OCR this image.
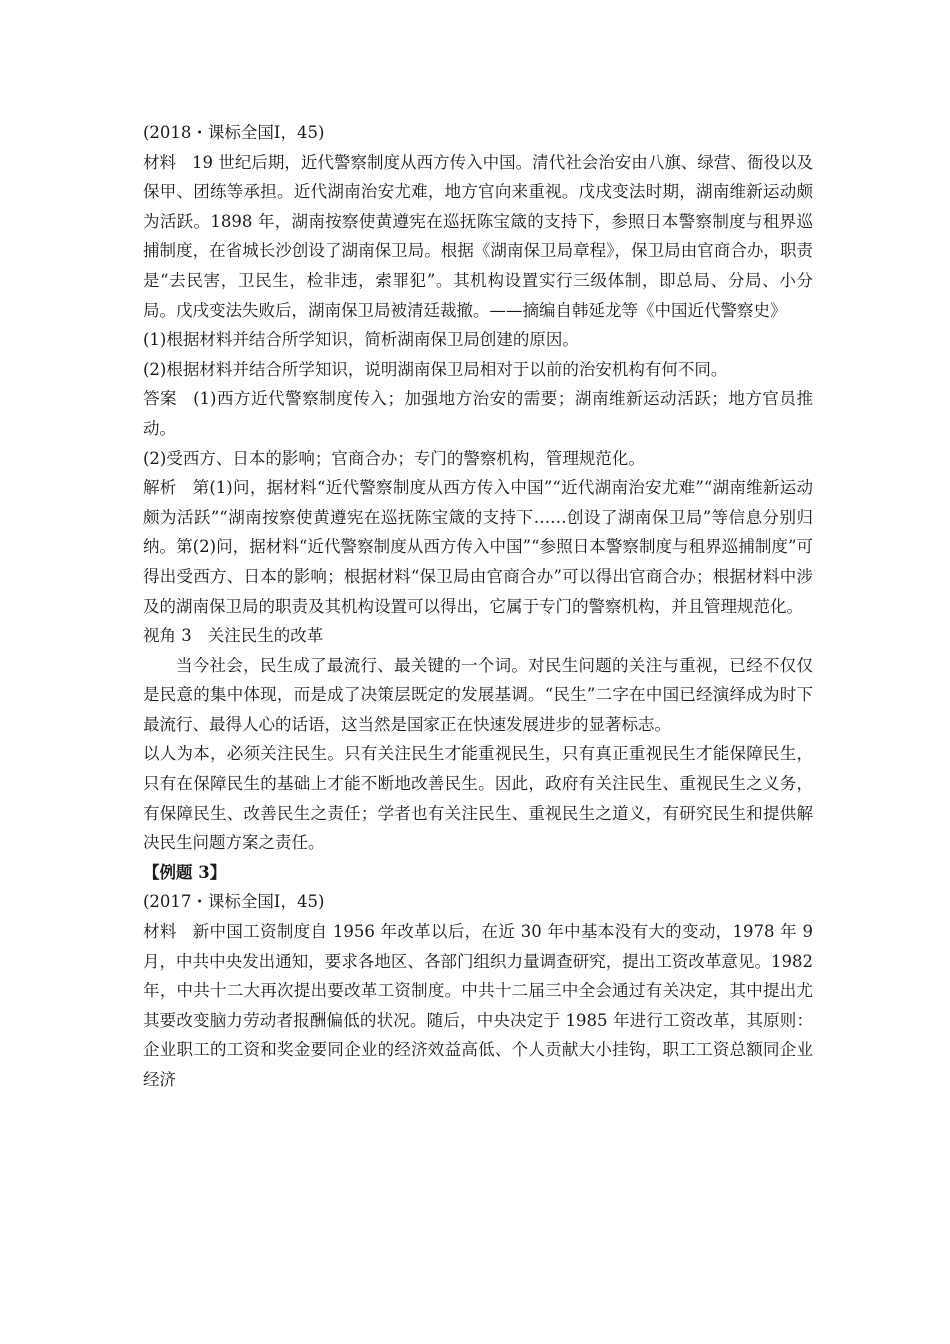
(2018・课标全国Ⅰ，45)

材料 19 世纪后期，近代警察制度从西方传入中国。清代社会治安由八旗、绿营、衙役以及保甲、团练等承担。近代湖南治安尤难，地方官向来重视。戊戌变法时期，湖南维新运动颇为活跃。1898 年，湖南按察使黄遵宪在巡抚陈宝箴的支持下，参照日本警察制度与租界巡捕制度，在省城长沙创设了湖南保卫局。根据《湖南保卫局章程》，保卫局由官商合办，职责是“去民害，卫民生，检非违，索罪犯”。其机构设置实行三级体制，即总局、分局、小分局。戊戌变法失败后，湖南保卫局被清廷裁撤。——摘编自韩延龙等《中国近代警察史》

(1)根据材料并结合所学知识，简析湖南保卫局创建的原因。

(2)根据材料并结合所学知识，说明湖南保卫局相对于以前的治安机构有何不同。

答案 (1)西方近代警察制度传入；加强地方治安的需要；湖南维新运动活跃；地方官员推动。

(2)受西方、日本的影响；官商合办；专门的警察机构，管理规范化。

解析 第(1)问，据材料“近代警察制度从西方传入中国”“近代湖南治安尤难”“湖南维新运动颇为活跃”“湖南按察使黄遵宪在巡抚陈宝箴的支持下……创设了湖南保卫局”等信息分别归纳。第(2)问，据材料“近代警察制度从西方传入中国”“参照日本警察制度与租界巡捕制度”可得出受西方、日本的影响；根据材料“保卫局由官商合办”可以得出官商合办；根据材料中涉及的湖南保卫局的职责及其机构设置可以得出，它属于专门的警察机构，并且管理规范化。

视角 3 关注民生的改革

当今社会，民生成了最流行、最关键的一个词。对民生问题的关注与重视，已经不仅仅是民意的集中体现，而是成了决策层既定的发展基调。“民生”二字在中国已经演绎成为时下最流行、最得人心的话语，这当然是国家正在快速发展进步的显著标志。

以人为本，必须关注民生。只有关注民生才能重视民生，只有真正重视民生才能保障民生，只有在保障民生的基础上才能不断地改善民生。因此，政府有关注民生、重视民生之义务，有保障民生、改善民生之责任；学者也有关注民生、重视民生之道义，有研究民生和提供解决民生问题方案之责任。

【例题 3】

(2017・课标全国Ⅰ，45)

材料 新中国工资制度自 1956 年改革以后，在近 30 年中基本没有大的变动，1978 年 9 月，中共中央发出通知，要求各地区、各部门组织力量调查研究，提出工资改革意见。1982 年，中共十二大再次提出要改革工资制度。中共十二届三中全会通过有关决定，其中提出尤其要改变脑力劳动者报酬偏低的状况。随后，中央决定于 1985 年进行工资改革，其原则：企业职工的工资和奖金要同企业的经济效益高低、个人贡献大小挂钩，职工工资总额同企业经济
